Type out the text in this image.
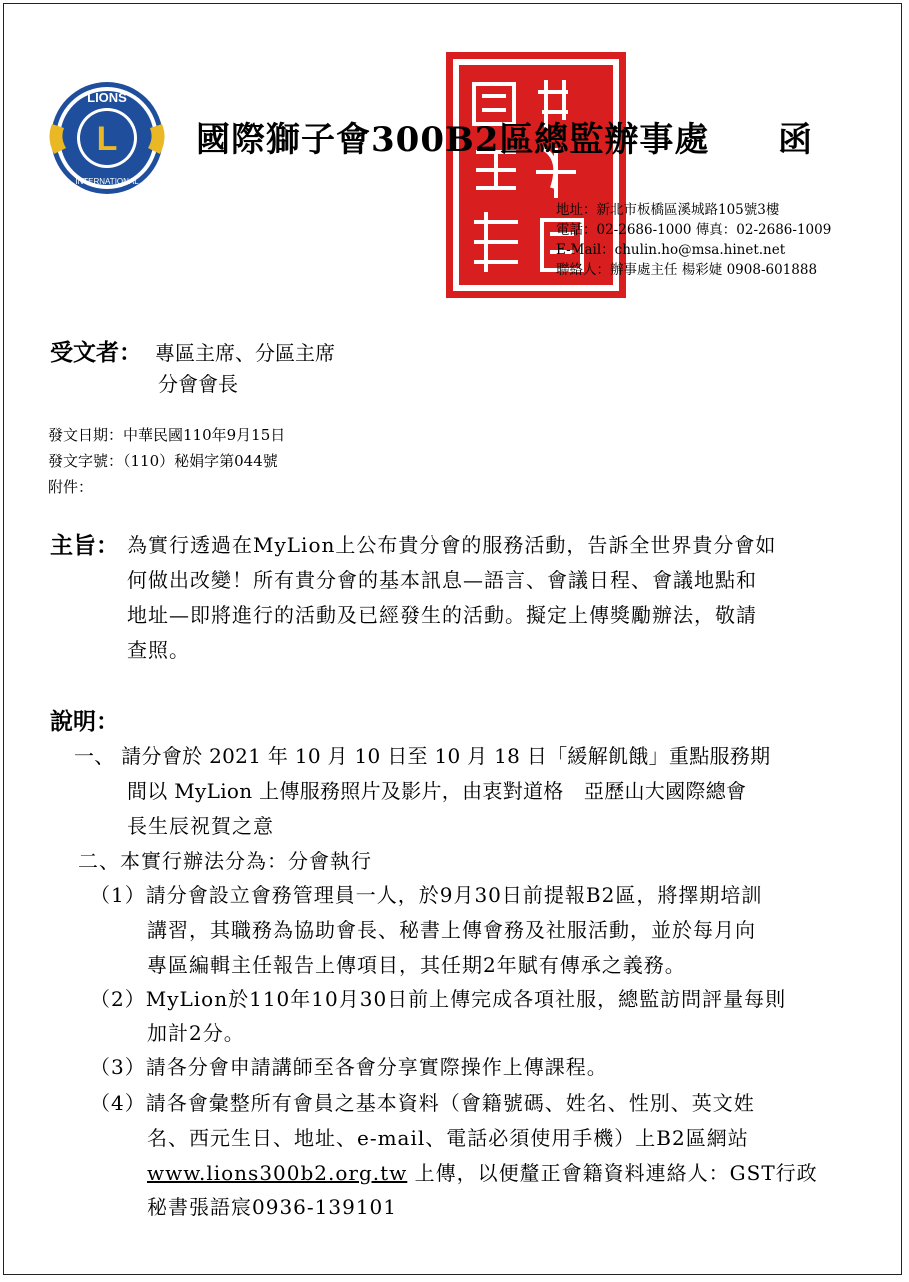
L
LIONS
INTERNATIONAL
國際獅子會300B2區總監辦事處 函
地址：新北市板橋區溪城路105號3樓
電話：02-2686-1000 傳真：02-2686-1009
E-Mail：chulin.ho@msa.hinet.net
聯絡人：辦事處主任 楊彩婕 0908-601888
受文者： 專區主席、分區主席
分會會長
發文日期：中華民國110年9月15日
發文字號：（110）秘娟字第044號
附件：
主旨： 為實行透過在MyLion上公布貴分會的服務活動，告訴全世界貴分會如
何做出改變！所有貴分會的基本訊息—語言、會議日程、會議地點和
地址—即將進行的活動及已經發生的活動。擬定上傳獎勵辦法，敬請
查照。
說明：
一、 請分會於 2021 年 10 月 10 日至 10 月 18 日「緩解飢餓」重點服務期
間以 MyLion 上傳服務照片及影片，由衷對道格　亞歷山大國際總會
長生辰祝賀之意
二、本實行辦法分為：分會執行
（1）請分會設立會務管理員一人，於9月30日前提報B2區，將擇期培訓
講習，其職務為協助會長、秘書上傳會務及社服活動，並於每月向
專區編輯主任報告上傳項目，其任期2年賦有傳承之義務。
（2）MyLion於110年10月30日前上傳完成各項社服，總監訪問評量每則
加計2分。
（3）請各分會申請講師至各會分享實際操作上傳課程。
（4）請各會彙整所有會員之基本資料（會籍號碼、姓名、性別、英文姓
名、西元生日、地址、e-mail、電話必須使用手機）上B2區網站
www.lions300b2.org.tw 上傳，以便釐正會籍資料連絡人：GST行政
秘書張語宸0936-139101
